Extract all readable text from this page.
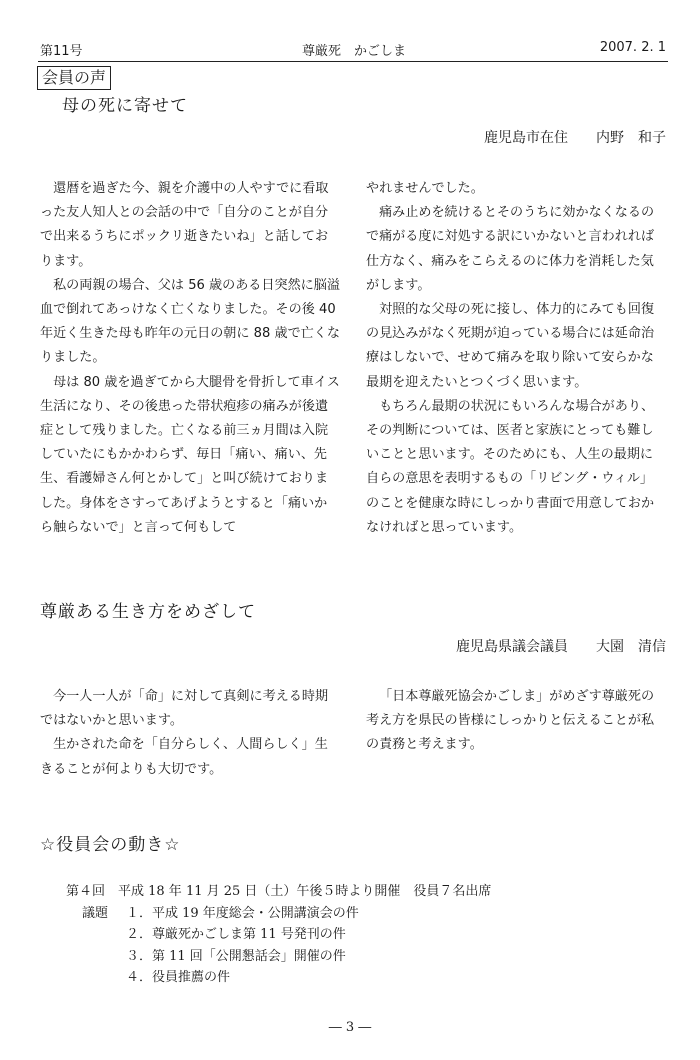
第11号	尊厳死　かごしま	2007. 2. 1
会員の声
母の死に寄せて
鹿児島市在住　　 内野　和子

還暦を過ぎた今、親を介護中の人やすでに看取った友人知人との会話の中で「自分のことが自分で出来るうちにポックリ逝きたいね」と話しております。

私の両親の場合、父は 56 歳のある日突然に脳溢血で倒れてあっけなく亡くなりました。その後 40 年近く生きた母も昨年の元日の朝に 88 歳で亡くなりました。

母は 80 歳を過ぎてから大腿骨を骨折して車イス生活になり、その後患った帯状疱疹の痛みが後遺症として残りました。亡くなる前三ヵ月間は入院していたにもかかわらず、毎日「痛い、痛い、先生、看護婦さん何とかして」と叫び続けておりました。身体をさすってあげようとすると「痛いから触らないで」と言って何もして

やれませんでした。

痛み止めを続けるとそのうちに効かなくなるので痛がる度に対処する訳にいかないと言われれば仕方なく、痛みをこらえるのに体力を消耗した気がします。

対照的な父母の死に接し、体力的にみても回復の見込みがなく死期が迫っている場合には延命治療はしないで、せめて痛みを取り除いて安らかな最期を迎えたいとつくづく思います。

もちろん最期の状況にもいろんな場合があり、その判断については、医者と家族にとっても難しいことと思います。そのためにも、人生の最期に自らの意思を表明するもの「リビング・ウィル」のことを健康な時にしっかり書面で用意しておかなければと思っています。

尊厳ある生き方をめざして
鹿児島県議会議員　　 大園　清信

今一人一人が「命」に対して真剣に考える時期ではないかと思います。

生かされた命を「自分らしく、人間らしく」生きることが何よりも大切です。

「日本尊厳死協会かごしま」がめざす尊厳死の考え方を県民の皆様にしっかりと伝えることが私の責務と考えます。

☆役員会の動き☆
第４回　平成 18 年 11 月 25 日（土）午後５時より開催　役員７名出席
議題	１．平成 19 年度総会・公開講演会の件
２．尊厳死かごしま第 11 号発刊の件
３．第 11 回「公開懇話会」開催の件
４．役員推薦の件
― 3 ―
